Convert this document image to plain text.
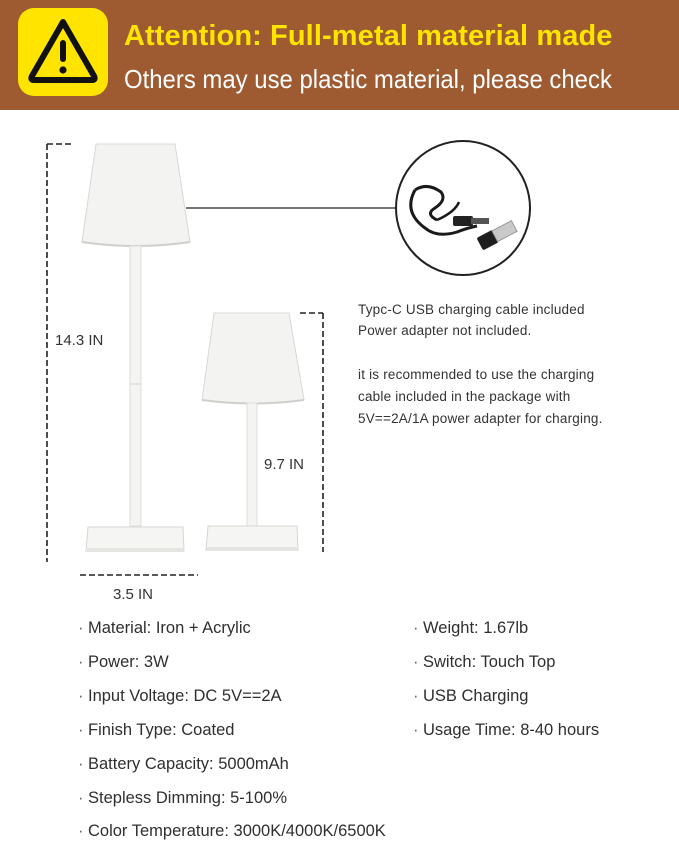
Attention: Full-metal material made
Others may use plastic material, please check
14.3 IN
9.7 IN
3.5 IN
Typc-C USB charging cable included
Power adapter not included.
it is recommended to use the charging
cable included in the package with
5V==2A/1A power adapter for charging.
· Material: Iron + Acrylic
· Power: 3W
· Input Voltage: DC 5V==2A
· Finish Type: Coated
· Battery Capacity: 5000mAh
· Stepless Dimming: 5-100%
· Color Temperature: 3000K/4000K/6500K
· Weight: 1.67lb
· Switch: Touch Top
· USB Charging
· Usage Time: 8-40 hours
